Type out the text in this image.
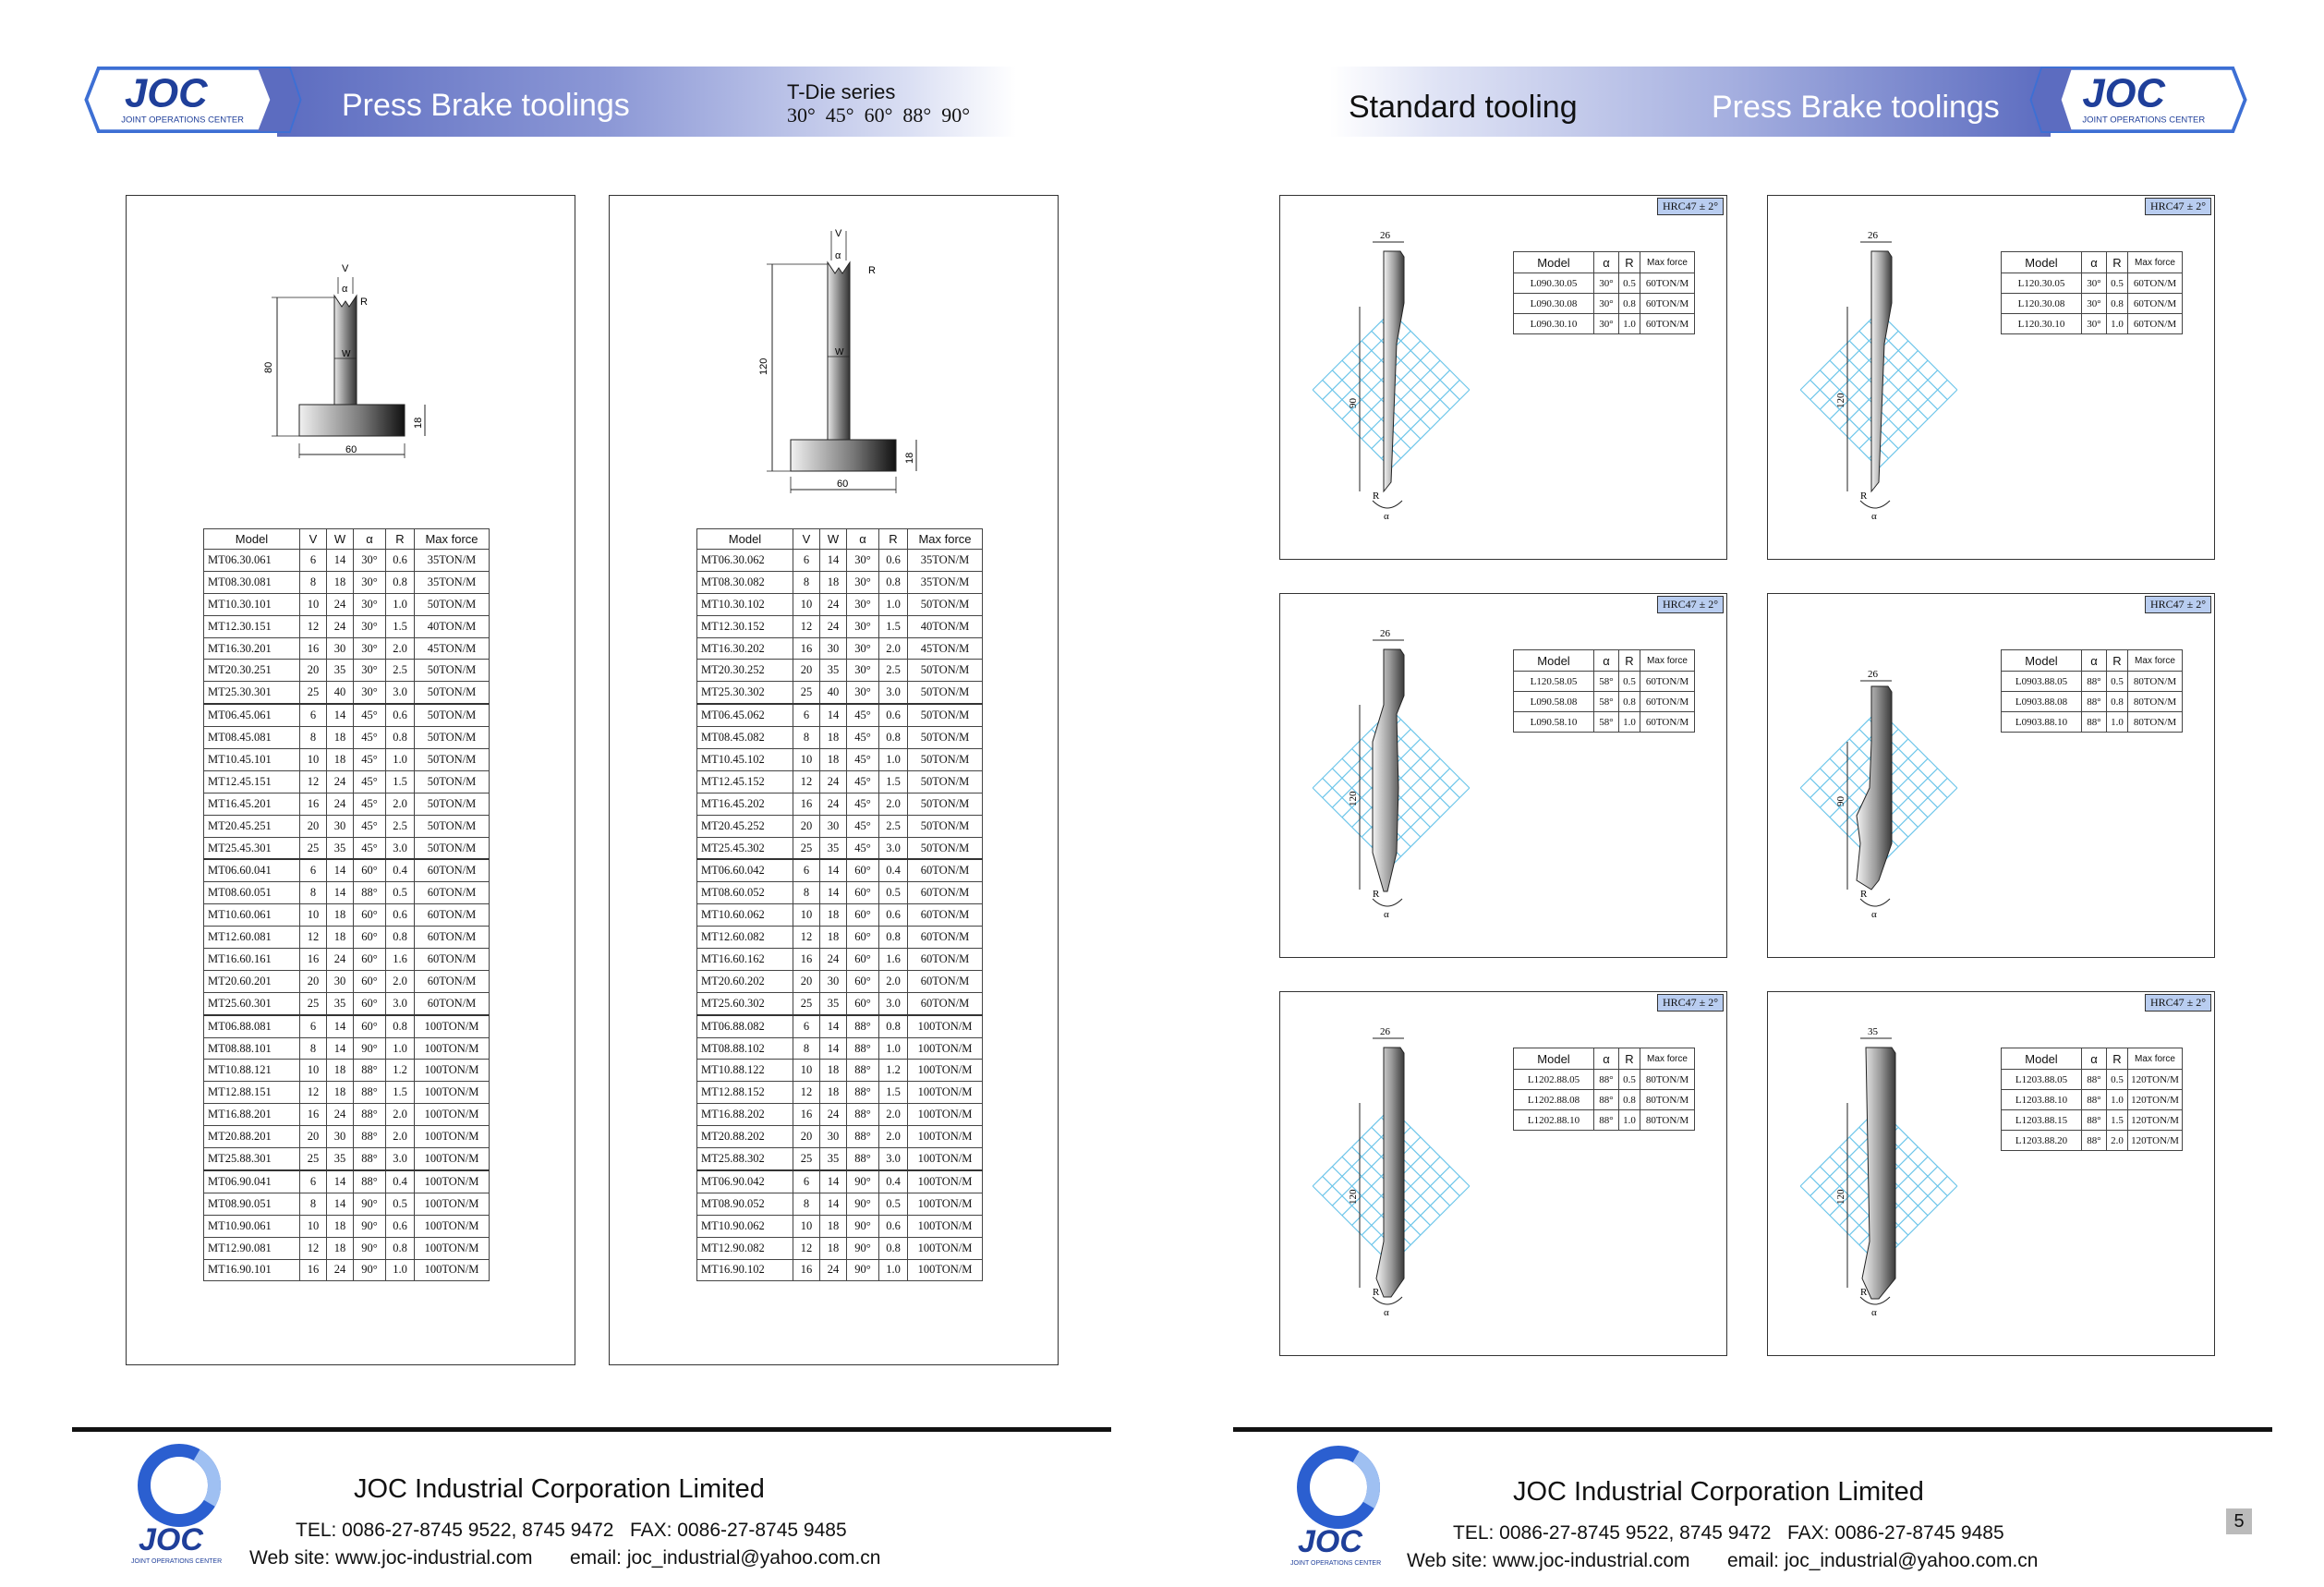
JOC
JOINT OPERATIONS CENTER	Press Brake toolings	T-Die series
30°  45°  60°  88°  90°	Standard tooling	Press Brake toolings JOC
JOINT OPERATIONS CENTER
V
α
R
W
80
18
60
Model	V	W	α	R	Max force
MT06.30.061	6	14	30°	0.6	35TON/M
MT08.30.081	8	18	30°	0.8	35TON/M
MT10.30.101	10	24	30°	1.0	50TON/M
MT12.30.151	12	24	30°	1.5	40TON/M
MT16.30.201	16	30	30°	2.0	45TON/M
MT20.30.251	20	35	30°	2.5	50TON/M
MT25.30.301	25	40	30°	3.0	50TON/M
MT06.45.061	6	14	45°	0.6	50TON/M
MT08.45.081	8	18	45°	0.8	50TON/M
MT10.45.101	10	18	45°	1.0	50TON/M
MT12.45.151	12	24	45°	1.5	50TON/M
MT16.45.201	16	24	45°	2.0	50TON/M
MT20.45.251	20	30	45°	2.5	50TON/M
MT25.45.301	25	35	45°	3.0	50TON/M
MT06.60.041	6	14	60°	0.4	60TON/M
MT08.60.051	8	14	88°	0.5	60TON/M
MT10.60.061	10	18	60°	0.6	60TON/M
MT12.60.081	12	18	60°	0.8	60TON/M
MT16.60.161	16	24	60°	1.6	60TON/M
MT20.60.201	20	30	60°	2.0	60TON/M
MT25.60.301	25	35	60°	3.0	60TON/M
MT06.88.081	6	14	60°	0.8	100TON/M
MT08.88.101	8	14	90°	1.0	100TON/M
MT10.88.121	10	18	88°	1.2	100TON/M
MT12.88.151	12	18	88°	1.5	100TON/M
MT16.88.201	16	24	88°	2.0	100TON/M
MT20.88.201	20	30	88°	2.0	100TON/M
MT25.88.301	25	35	88°	3.0	100TON/M
MT06.90.041	6	14	88°	0.4	100TON/M
MT08.90.051	8	14	90°	0.5	100TON/M
MT10.90.061	10	18	90°	0.6	100TON/M
MT12.90.081	12	18	90°	0.8	100TON/M
MT16.90.101	16	24	90°	1.0	100TON/M
V
α
R
W
120
18
60
Model	V	W	α	R	Max force
MT06.30.062	6	14	30°	0.6	35TON/M
MT08.30.082	8	18	30°	0.8	35TON/M
MT10.30.102	10	24	30°	1.0	50TON/M
MT12.30.152	12	24	30°	1.5	40TON/M
MT16.30.202	16	30	30°	2.0	45TON/M
MT20.30.252	20	35	30°	2.5	50TON/M
MT25.30.302	25	40	30°	3.0	50TON/M
MT06.45.062	6	14	45°	0.6	50TON/M
MT08.45.082	8	18	45°	0.8	50TON/M
MT10.45.102	10	18	45°	1.0	50TON/M
MT12.45.152	12	24	45°	1.5	50TON/M
MT16.45.202	16	24	45°	2.0	50TON/M
MT20.45.252	20	30	45°	2.5	50TON/M
MT25.45.302	25	35	45°	3.0	50TON/M
MT06.60.042	6	14	60°	0.4	60TON/M
MT08.60.052	8	14	60°	0.5	60TON/M
MT10.60.062	10	18	60°	0.6	60TON/M
MT12.60.082	12	18	60°	0.8	60TON/M
MT16.60.162	16	24	60°	1.6	60TON/M
MT20.60.202	20	30	60°	2.0	60TON/M
MT25.60.302	25	35	60°	3.0	60TON/M
MT06.88.082	6	14	88°	0.8	100TON/M
MT08.88.102	8	14	88°	1.0	100TON/M
MT10.88.122	10	18	88°	1.2	100TON/M
MT12.88.152	12	18	88°	1.5	100TON/M
MT16.88.202	16	24	88°	2.0	100TON/M
MT20.88.202	20	30	88°	2.0	100TON/M
MT25.88.302	25	35	88°	3.0	100TON/M
MT06.90.042	6	14	90°	0.4	100TON/M
MT08.90.052	8	14	90°	0.5	100TON/M
MT10.90.062	10	18	90°	0.6	100TON/M
MT12.90.082	12	18	90°	0.8	100TON/M
MT16.90.102	16	24	90°	1.0	100TON/M
HRC47 ± 2°
26
90
R
α
Model	α	R	Max force
L090.30.05	30°	0.5	60TON/M
L090.30.08	30°	0.8	60TON/M
L090.30.10	30°	1.0	60TON/M
HRC47 ± 2°
26
120
R
α
Model	α	R	Max force
L120.30.05	30°	0.5	60TON/M
L120.30.08	30°	0.8	60TON/M
L120.30.10	30°	1.0	60TON/M
HRC47 ± 2°
26
120
R
α
Model	α	R	Max force
L120.58.05	58°	0.5	60TON/M
L090.58.08	58°	0.8	60TON/M
L090.58.10	58°	1.0	60TON/M
HRC47 ± 2°
26
90
R
α
Model	α	R	Max force
L0903.88.05	88°	0.5	80TON/M
L0903.88.08	88°	0.8	80TON/M
L0903.88.10	88°	1.0	80TON/M
HRC47 ± 2°
26
120
R
α
Model	α	R	Max force
L1202.88.05	88°	0.5	80TON/M
L1202.88.08	88°	0.8	80TON/M
L1202.88.10	88°	1.0	80TON/M
HRC47 ± 2°
35
120
R
α
Model	α	R	Max force
L1203.88.05	88°	0.5	120TON/M
L1203.88.10	88°	1.0	120TON/M
L1203.88.15	88°	1.5	120TON/M
L1203.88.20	88°	2.0	120TON/M
JOC
JOINT OPERATIONS CENTER
JOC Industrial Corporation Limited
TEL: 0086-27-8745 9522, 8745 9472   FAX: 0086-27-8745 9485
Web site: www.joc-industrial.com email: joc_industrial@yahoo.com.cn	JOC
JOINT OPERATIONS CENTER
JOC Industrial Corporation Limited
TEL: 0086-27-8745 9522, 8745 9472   FAX: 0086-27-8745 9485
Web site: www.joc-industrial.com email: joc_industrial@yahoo.com.cn
5
